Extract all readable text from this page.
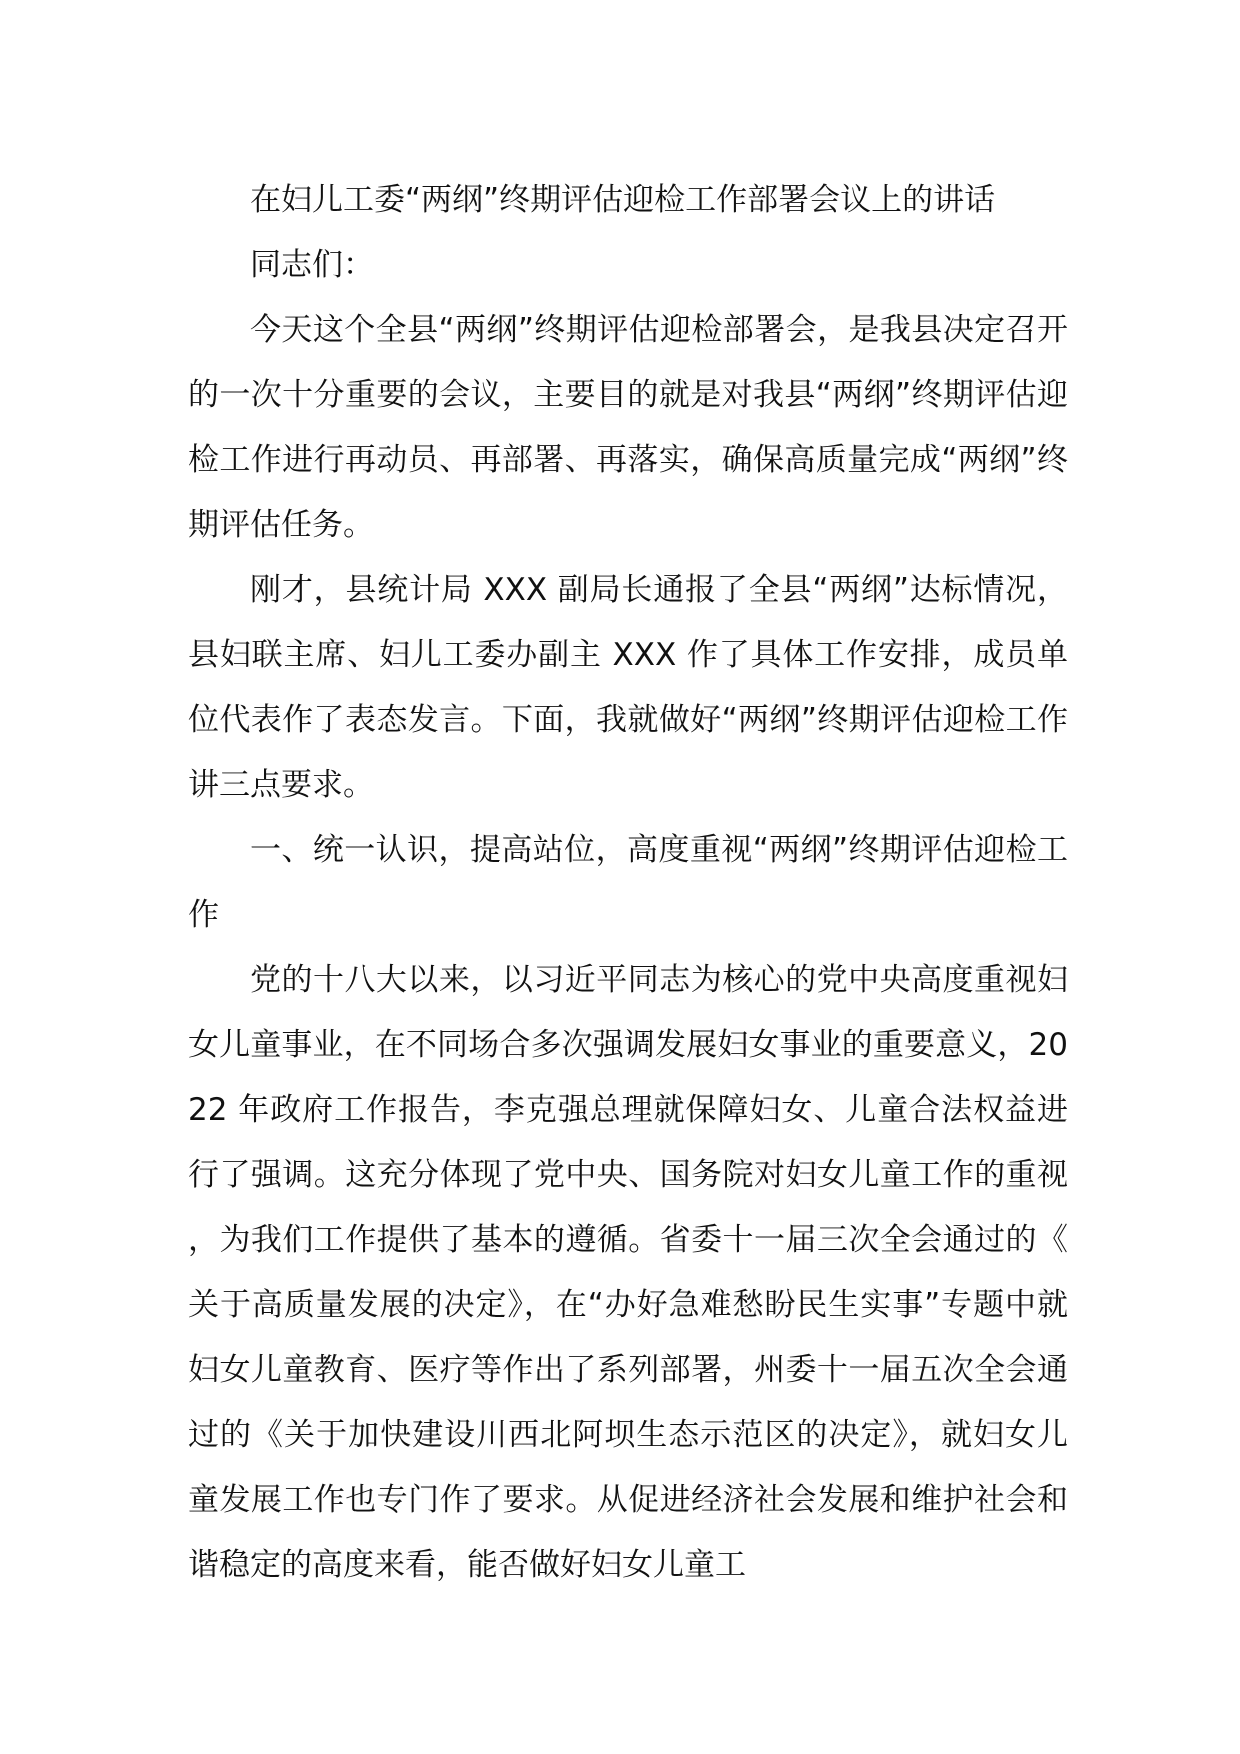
在妇儿工委“两纲”终期评估迎检工作部署会议上的讲话

同志们：

今天这个全县“两纲”终期评估迎检部署会，是我县决定召开的一次十分重要的会议，主要目的就是对我县“两纲”终期评估迎检工作进行再动员、再部署、再落实，确保高质量完成“两纲”终期评估任务。

刚才，县统计局 XXX 副局长通报了全县“两纲”达标情况，县妇联主席、妇儿工委办副主 XXX 作了具体工作安排，成员单位代表作了表态发言。下面，我就做好“两纲”终期评估迎检工作讲三点要求。

一、统一认识，提高站位，高度重视“两纲”终期评估迎检工作

党的十八大以来，以习近平同志为核心的党中央高度重视妇女儿童事业，在不同场合多次强调发展妇女事业的重要意义，2022 年政府工作报告，李克强总理就保障妇女、儿童合法权益进行了强调。这充分体现了党中央、国务院对妇女儿童工作的重视，为我们工作提供了基本的遵循。省委十一届三次全会通过的《关于高质量发展的决定》，在“办好急难愁盼民生实事”专题中就妇女儿童教育、医疗等作出了系列部署，州委十一届五次全会通过的《关于加快建设川西北阿坝生态示范区的决定》，就妇女儿童发展工作也专门作了要求。从促进经济社会发展和维护社会和谐稳定的高度来看，能否做好妇女儿童工
